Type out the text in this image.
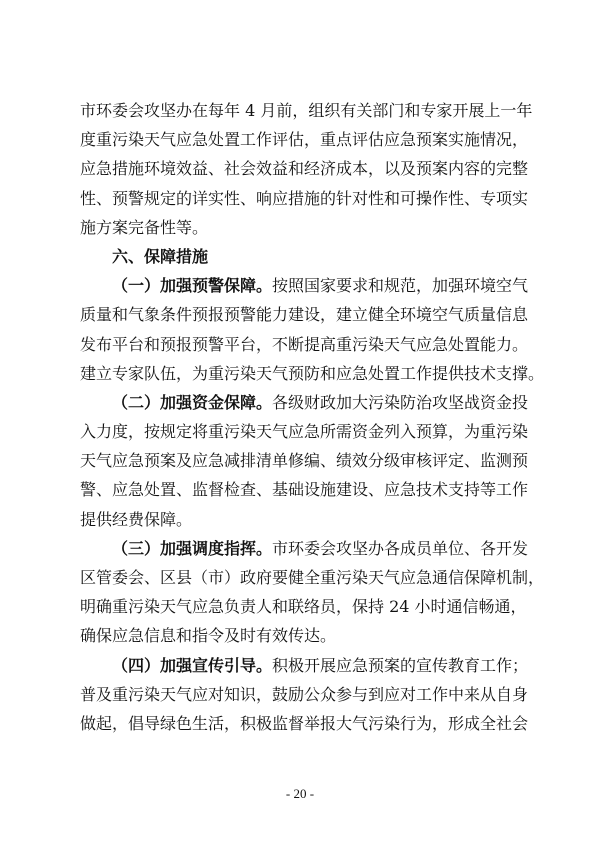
市环委会攻坚办在每年 4 月前，组织有关部门和专家开展上一年
度重污染天气应急处置工作评估，重点评估应急预案实施情况，
应急措施环境效益、社会效益和经济成本，以及预案内容的完整
性、预警规定的详实性、响应措施的针对性和可操作性、专项实
施方案完备性等。
六、保障措施
（一）加强预警保障。按照国家要求和规范，加强环境空气
质量和气象条件预报预警能力建设，建立健全环境空气质量信息
发布平台和预报预警平台，不断提高重污染天气应急处置能力。
建立专家队伍，为重污染天气预防和应急处置工作提供技术支撑。
（二）加强资金保障。各级财政加大污染防治攻坚战资金投
入力度，按规定将重污染天气应急所需资金列入预算，为重污染
天气应急预案及应急减排清单修编、绩效分级审核评定、监测预
警、应急处置、监督检查、基础设施建设、应急技术支持等工作
提供经费保障。
（三）加强调度指挥。市环委会攻坚办各成员单位、各开发
区管委会、区县（市）政府要健全重污染天气应急通信保障机制，
明确重污染天气应急负责人和联络员，保持 24 小时通信畅通，
确保应急信息和指令及时有效传达。
（四）加强宣传引导。积极开展应急预案的宣传教育工作；
普及重污染天气应对知识，鼓励公众参与到应对工作中来从自身
做起，倡导绿色生活，积极监督举报大气污染行为，形成全社会
- 20 -
